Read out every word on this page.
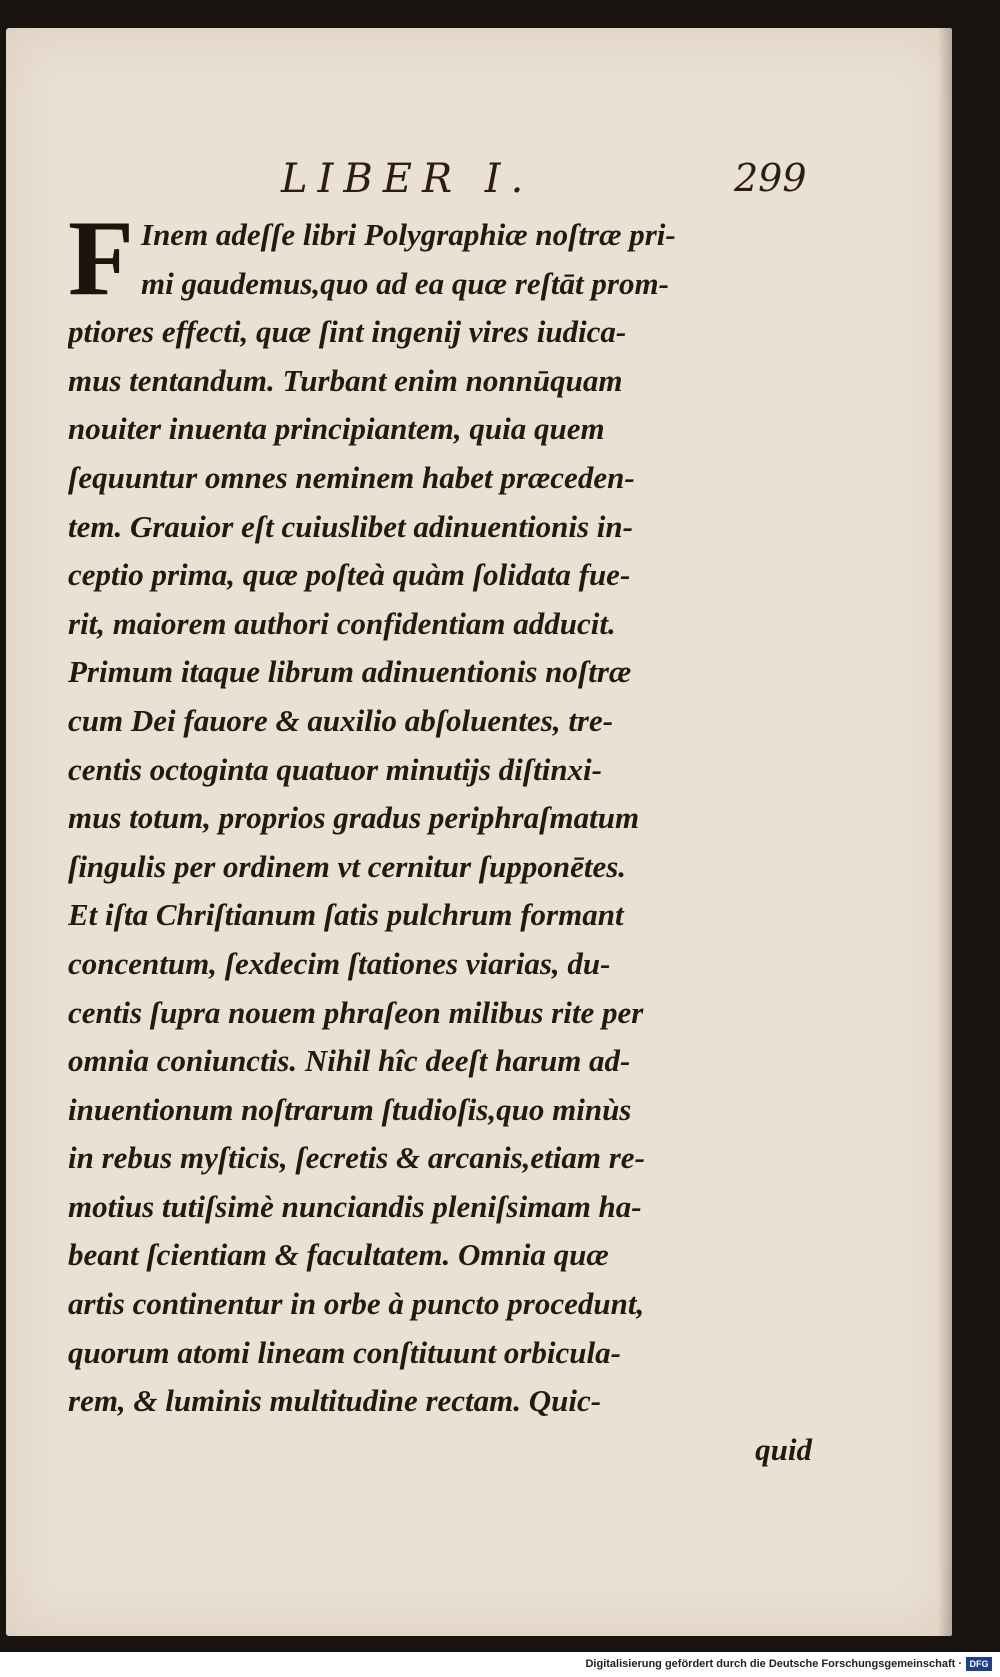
LIBER I.	299
F Inem adeſſe libri Polygraphiæ noſtræ pri-
mi gaudemus,quo ad ea quæ reſtāt prom-
ptiores effecti, quæ ſint ingenij vires iudica-
mus tentandum. Turbant enim nonnūquam
nouiter inuenta principiantem, quia quem
ſequuntur omnes neminem habet præceden-
tem. Grauior eſt cuiuslibet adinuentionis in-
ceptio prima, quæ poſteà quàm ſolidata fue-
rit, maiorem authori confidentiam adducit.
Primum itaque librum adinuentionis noſtræ
cum Dei fauore & auxilio abſoluentes, tre-
centis octoginta quatuor minutijs diſtinxi-
mus totum, proprios gradus periphraſmatum
ſingulis per ordinem vt cernitur ſupponētes.
Et iſta Chriſtianum ſatis pulchrum formant
concentum, ſexdecim ſtationes viarias, du-
centis ſupra nouem phraſeon milibus rite per
omnia coniunctis. Nihil hîc deeſt harum ad-
inuentionum noſtrarum ſtudioſis,quo minùs
in rebus myſticis, ſecretis & arcanis,etiam re-
motius tutiſsimè nunciandis pleniſsimam ha-
beant ſcientiam & facultatem. Omnia quæ
artis continentur in orbe à puncto procedunt,
quorum atomi lineam conſtituunt orbicula-
rem, & luminis multitudine rectam. Quic-
quid
Digitalisierung gefördert durch die Deutsche Forschungsgemeinschaft · DFG
